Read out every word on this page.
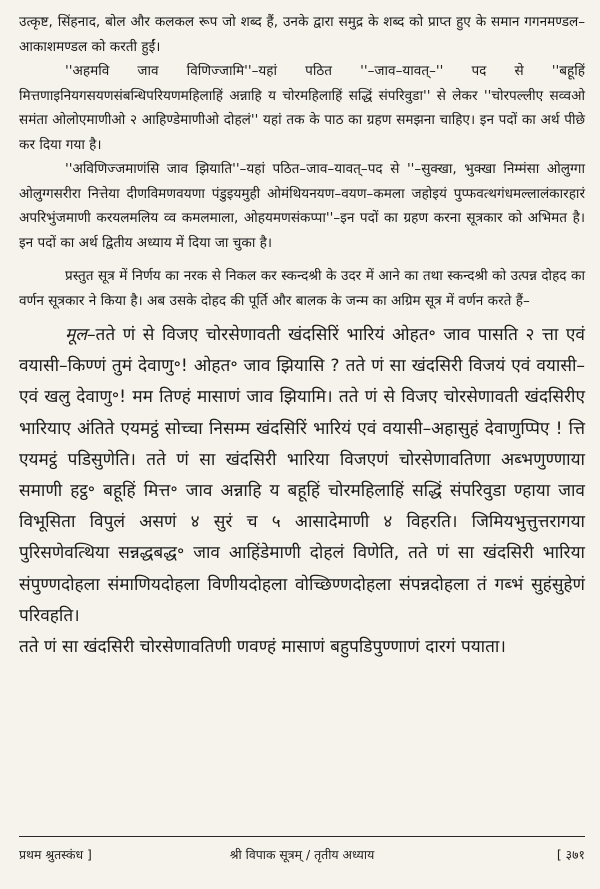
उत्कृष्ट, सिंहनाद, बोल और कलकल रूप जो शब्द हैं, उनके द्वारा समुद्र के शब्द को प्राप्त हुए के समान गगनमण्डल–आकाशमण्डल को करती हुईं।

''अहमवि जाव विणिज्जामि''–यहां पठित ''–जाव–यावत्–'' पद से ''बहूहिं मित्तणाइनियगसयणसंबन्धिपरियणमहिलाहिं अन्नाहि य चोरमहिलाहिं सद्धिं संपरिवुडा'' से लेकर ''चोरपल्लीए सव्वओ समंता ओलोएमाणीओ २ आहिण्डेमाणीओ दोहलं'' यहां तक के पाठ का ग्रहण समझना चाहिए। इन पदों का अर्थ पीछे कर दिया गया है।

''अविणिज्जमाणंसि जाव झियाति''–यहां पठित–जाव–यावत्–पद से ''–सुक्खा, भुक्खा निम्मंसा ओलुग्गा ओलुग्गसरीरा नित्तेया दीणविमणवयणा पंडुइयमुही ओमंथियनयण–वयण–कमला जहोइयं पुप्फवत्थगंधमल्लालंकारहारं अपरिभुंजमाणी करयलमलिय व्व कमलमाला, ओहयमणसंकप्पा''–इन पदों का ग्रहण करना सूत्रकार को अभिमत है। इन पदों का अर्थ द्वितीय अध्याय में दिया जा चुका है।

प्रस्तुत सूत्र में निर्णय का नरक से निकल कर स्कन्दश्री के उदर में आने का तथा स्कन्दश्री को उत्पन्न दोहद का वर्णन सूत्रकार ने किया है। अब उसके दोहद की पूर्ति और बालक के जन्म का अग्रिम सूत्र में वर्णन करते हैं–

मूल–तते णं से विजए चोरसेणावती खंदसिरिं भारियं ओहत॰ जाव पासति २ त्ता एवं वयासी–किण्णं तुमं देवाणु॰! ओहत॰ जाव झियासि ? तते णं सा खंदसिरी विजयं एवं वयासी–एवं खलु देवाणु॰! मम तिण्हं मासाणं जाव झियामि। तते णं से विजए चोरसेणावती खंदसिरीए भारियाए अंतिते एयमट्ठं सोच्चा निसम्म खंदसिरिं भारियं एवं वयासी–अहासुहं देवाणुप्पिए ! त्ति एयमट्ठं पडिसुणेति। तते णं सा खंदसिरी भारिया विजएणं चोरसेणावतिणा अब्भणुण्णाया समाणी हट्ठ॰ बहूहिं मित्त॰ जाव अन्नाहि य बहूहिं चोरमहिलाहिं सद्धिं संपरिवुडा ण्हाया जाव विभूसिता विपुलं असणं ४ सुरं च ५ आसादेमाणी ४ विहरति। जिमियभुत्तुत्तरागया पुरिसणेवत्थिया सन्नद्धबद्ध॰ जाव आहिंडेमाणी दोहलं विणेति, तते णं सा खंदसिरी भारिया संपुण्णदोहला संमाणियदोहला विणीयदोहला वोच्छिण्णदोहला संपन्नदोहला तं गब्भं सुहंसुहेणं परिवहति।

तते णं सा खंदसिरी चोरसेणावतिणी णवण्हं मासाणं बहुपडिपुण्णाणं दारगं पयाता।

श्री विपाक सूत्रम् / तृतीय अध्याय
प्रथम श्रुतस्कंध ]	[ ३७१
